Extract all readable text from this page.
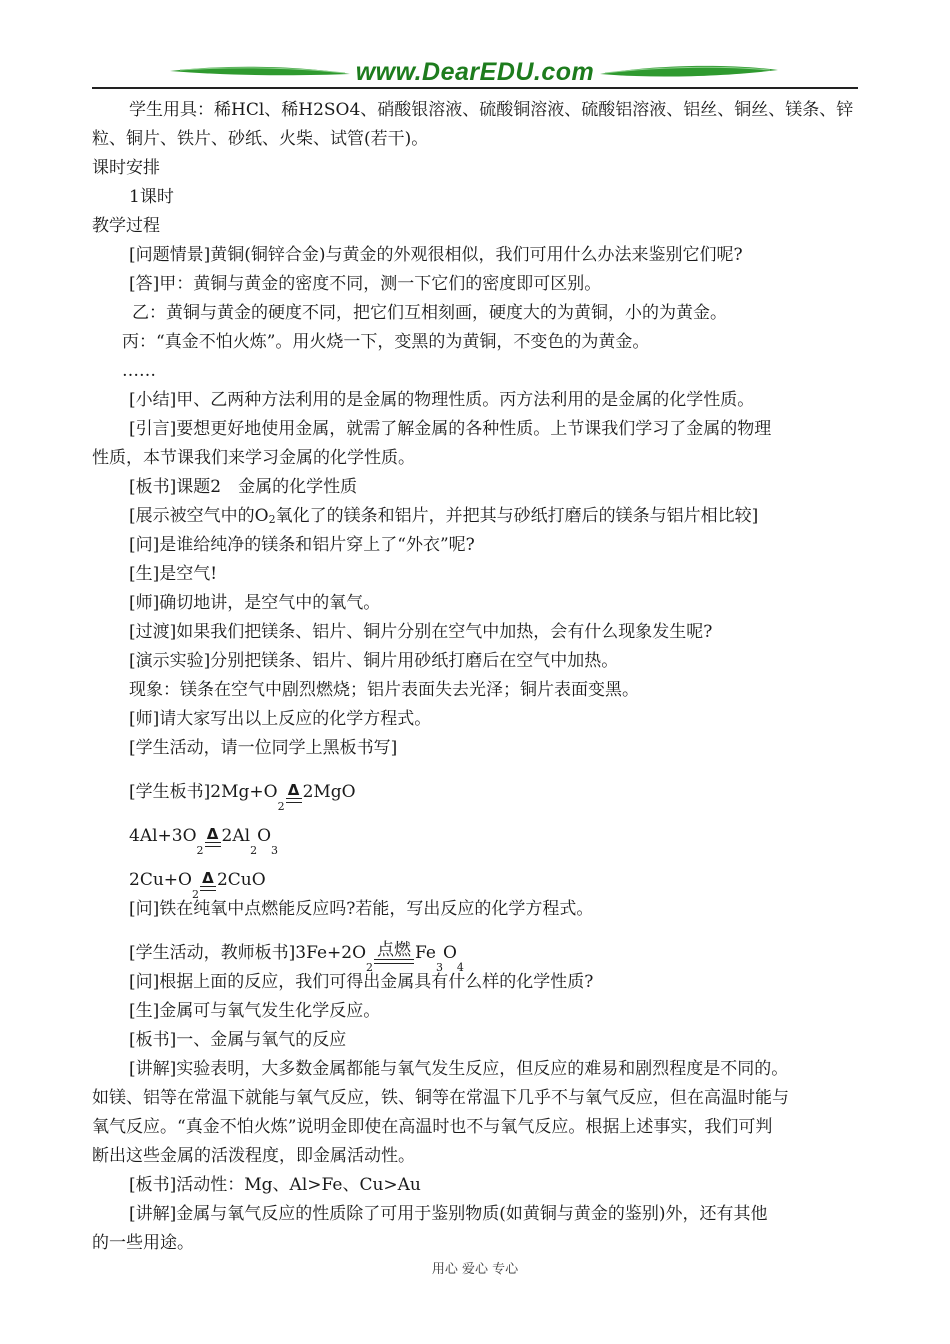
www.DearEDU.com
学生用具：稀HCl、稀H2SO4、硝酸银溶液、硫酸铜溶液、硫酸铝溶液、铝丝、铜丝、镁条、锌
粒、铜片、铁片、砂纸、火柴、试管(若干)。
课时安排
1课时
教学过程
[问题情景]黄铜(铜锌合金)与黄金的外观很相似，我们可用什么办法来鉴别它们呢?
[答]甲：黄铜与黄金的密度不同，测一下它们的密度即可区别。
乙：黄铜与黄金的硬度不同，把它们互相刻画，硬度大的为黄铜，小的为黄金。
丙：“真金不怕火炼”。用火烧一下，变黑的为黄铜，不变色的为黄金。
……
[小结]甲、乙两种方法利用的是金属的物理性质。丙方法利用的是金属的化学性质。
[引言]要想更好地使用金属，就需了解金属的各种性质。上节课我们学习了金属的物理
性质，本节课我们来学习金属的化学性质。
[板书]课题2　金属的化学性质
[展示被空气中的$O_2$氧化了的镁条和铝片，并把其与砂纸打磨后的镁条与铝片相比较]
[问]是谁给纯净的镁条和铝片穿上了“外衣”呢?
[生]是空气!
[师]确切地讲，是空气中的氧气。
[过渡]如果我们把镁条、铝片、铜片分别在空气中加热，会有什么现象发生呢?
[演示实验]分别把镁条、铝片、铜片用砂纸打磨后在空气中加热。
现象：镁条在空气中剧烈燃烧；铝片表面失去光泽；铜片表面变黑。
[师]请大家写出以上反应的化学方程式。
[学生活动，请一位同学上黑板书写]
[学生板书]2Mg+O
2
Δ 2MgO
4Al+3O
2
Δ 2Al
2
O
3
2Cu+O
2
Δ 2CuO
[问]铁在纯氧中点燃能反应吗?若能，写出反应的化学方程式。
[学生活动，教师板书]3Fe+2O
2
点燃 Fe
3
O
4
[问]根据上面的反应，我们可得出金属具有什么样的化学性质?
[生]金属可与氧气发生化学反应。
[板书]一、金属与氧气的反应
[讲解]实验表明，大多数金属都能与氧气发生反应，但反应的难易和剧烈程度是不同的。
如镁、铝等在常温下就能与氧气反应，铁、铜等在常温下几乎不与氧气反应，但在高温时能与
氧气反应。“真金不怕火炼”说明金即使在高温时也不与氧气反应。根据上述事实，我们可判
断出这些金属的活泼程度，即金属活动性。
[板书]活动性：Mg、Al>Fe、Cu>Au
[讲解]金属与氧气反应的性质除了可用于鉴别物质(如黄铜与黄金的鉴别)外，还有其他
的一些用途。
用心 爱心 专心
